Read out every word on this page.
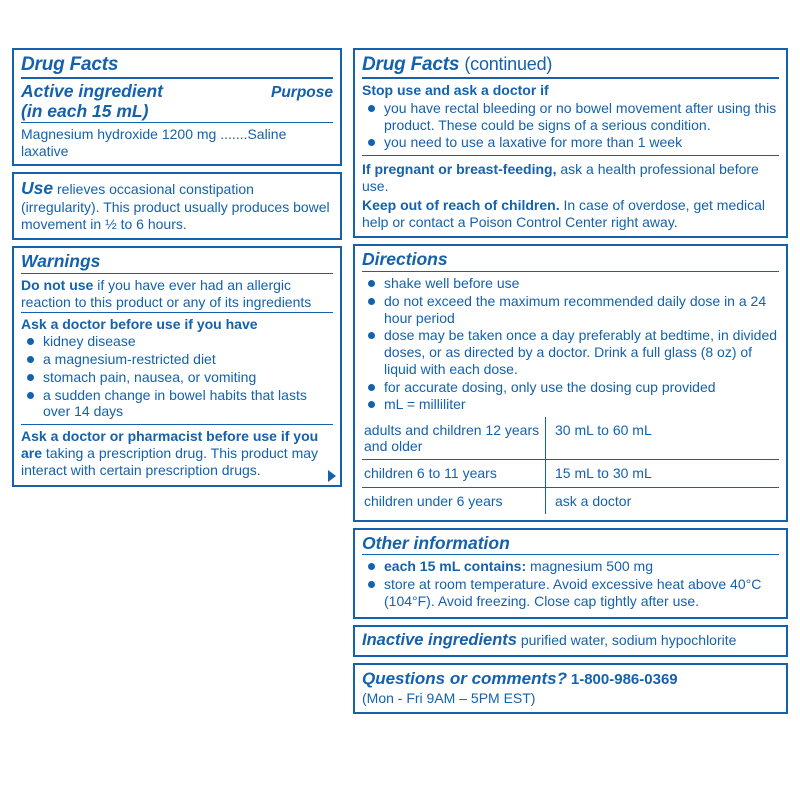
Drug Facts
Active ingredient
(in each 15 mL)
Purpose

Magnesium hydroxide 1200 mg .......Saline laxative

Use relieves occasional constipation (irregularity). This product usually produces bowel movement in ½ to 6 hours.

Warnings

Do not use if you have ever had an allergic reaction to this product or any of its ingredients

Ask a doctor before use if you have

kidney disease
a magnesium-restricted diet
stomach pain, nausea, or vomiting
a sudden change in bowel habits that lasts over 14 days

Ask a doctor or pharmacist before use if you are taking a prescription drug. This product may interact with certain prescription drugs.

Drug Facts (continued)

Stop use and ask a doctor if

you have rectal bleeding or no bowel movement after using this product. These could be signs of a serious condition.
you need to use a laxative for more than 1 week

If pregnant or breast-feeding, ask a health professional before use.

Keep out of reach of children. In case of overdose, get medical help or contact a Poison Control Center right away.

Directions
shake well before use
do not exceed the maximum recommended daily dose in a 24 hour period
dose may be taken once a day preferably at bedtime, in divided doses, or as directed by a doctor. Drink a full glass (8 oz) of liquid with each dose.
for accurate dosing, only use the dosing cup provided
mL = milliliter
adults and children 12 years and older	30 mL to 60 mL
children 6 to 11 years	15 mL to 30 mL
children under 6 years	ask a doctor
Other information
each 15 mL contains: magnesium 500 mg
store at room temperature. Avoid excessive heat above 40°C (104°F). Avoid freezing. Close cap tightly after use.

Inactive ingredients purified water, sodium hypochlorite

Questions or comments? 1-800-986-0369

(Mon - Fri 9AM – 5PM EST)
